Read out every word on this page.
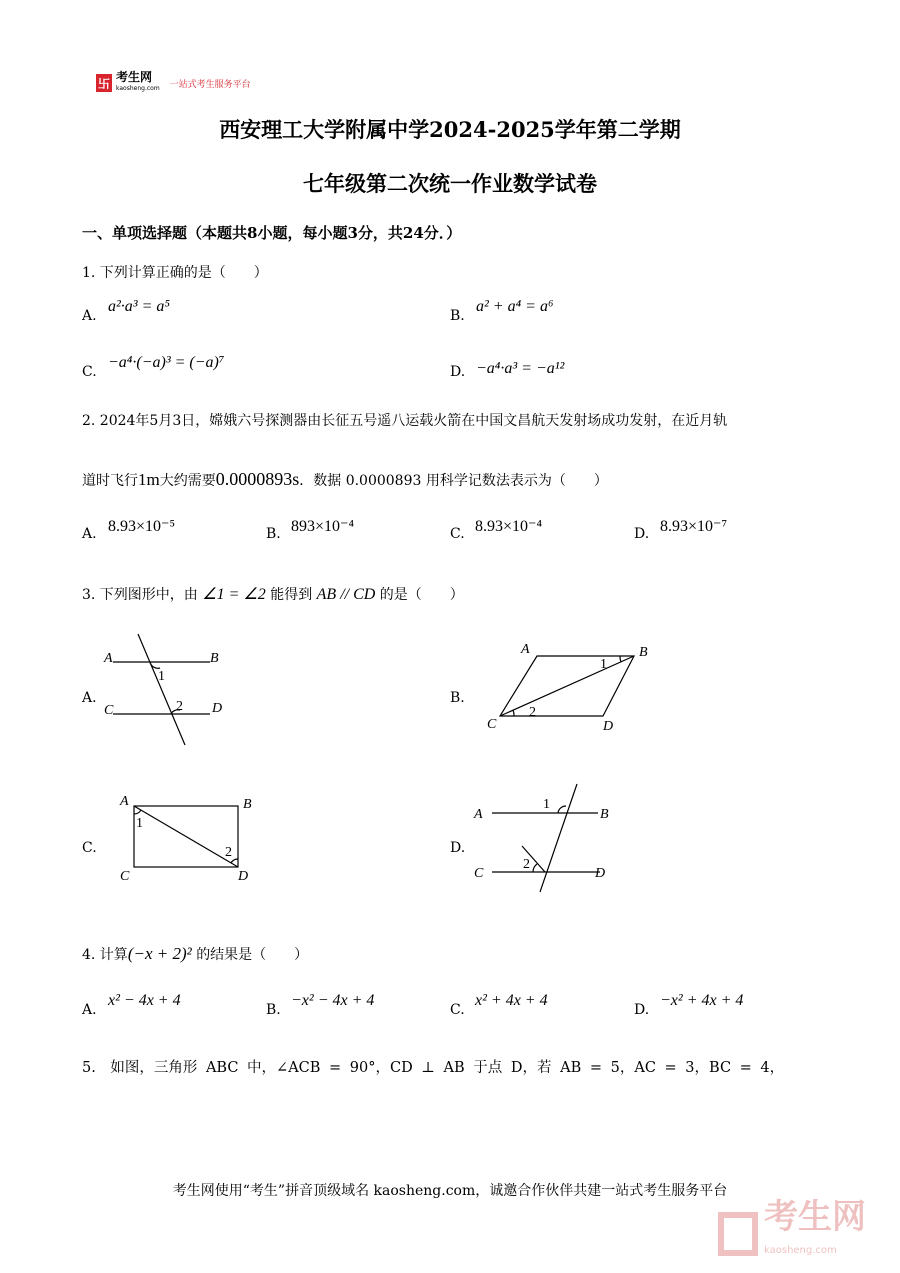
卐 考生网
kaosheng.com 一站式考生服务平台
西安理工大学附属中学2024-2025学年第二学期
七年级第二次统一作业数学试卷
一、单项选择题（本题共8小题，每小题3分，共24分．）
1. 下列计算正确的是（　　）
A.
a²·a³ = a⁵
B.
a² + a⁴ = a⁶
C.
−a⁴·(−a)³ = (−a)⁷
D. −a⁴·a³ = −a¹²
2. 2024年5月3日，嫦娥六号探测器由长征五号遥八运载火箭在中国文昌航天发射场成功发射，在近月轨
道时飞行1m大约需要0.0000893s．数据 0.0000893 用科学记数法表示为（　　）
A. 8.93×10⁻⁵	B. 893×10⁻⁴	C. 8.93×10⁻⁴	D. 8.93×10⁻⁷
3. 下列图形中，由 ∠1 = ∠2 能得到 AB // CD 的是（　　）
A.	B.
C.	D.
A	B
C	D
1
2
A	B
C	D
1
2
A	B
C	D
1
2
A	B
C	D
1
2
4. 计算(−x + 2)² 的结果是（　　）
A.
x² − 4x + 4
B.
−x² − 4x + 4
C.
x² + 4x + 4
D.
−x² + 4x + 4
5.　如图，三角形 ABC 中，∠ACB = 90°，CD ⊥ AB 于点 D，若 AB = 5，AC = 3，BC = 4，
考生网使用“考生”拼音顶级域名 kaosheng.com，诚邀合作伙伴共建一站式考生服务平台
考生网
kaosheng.com
